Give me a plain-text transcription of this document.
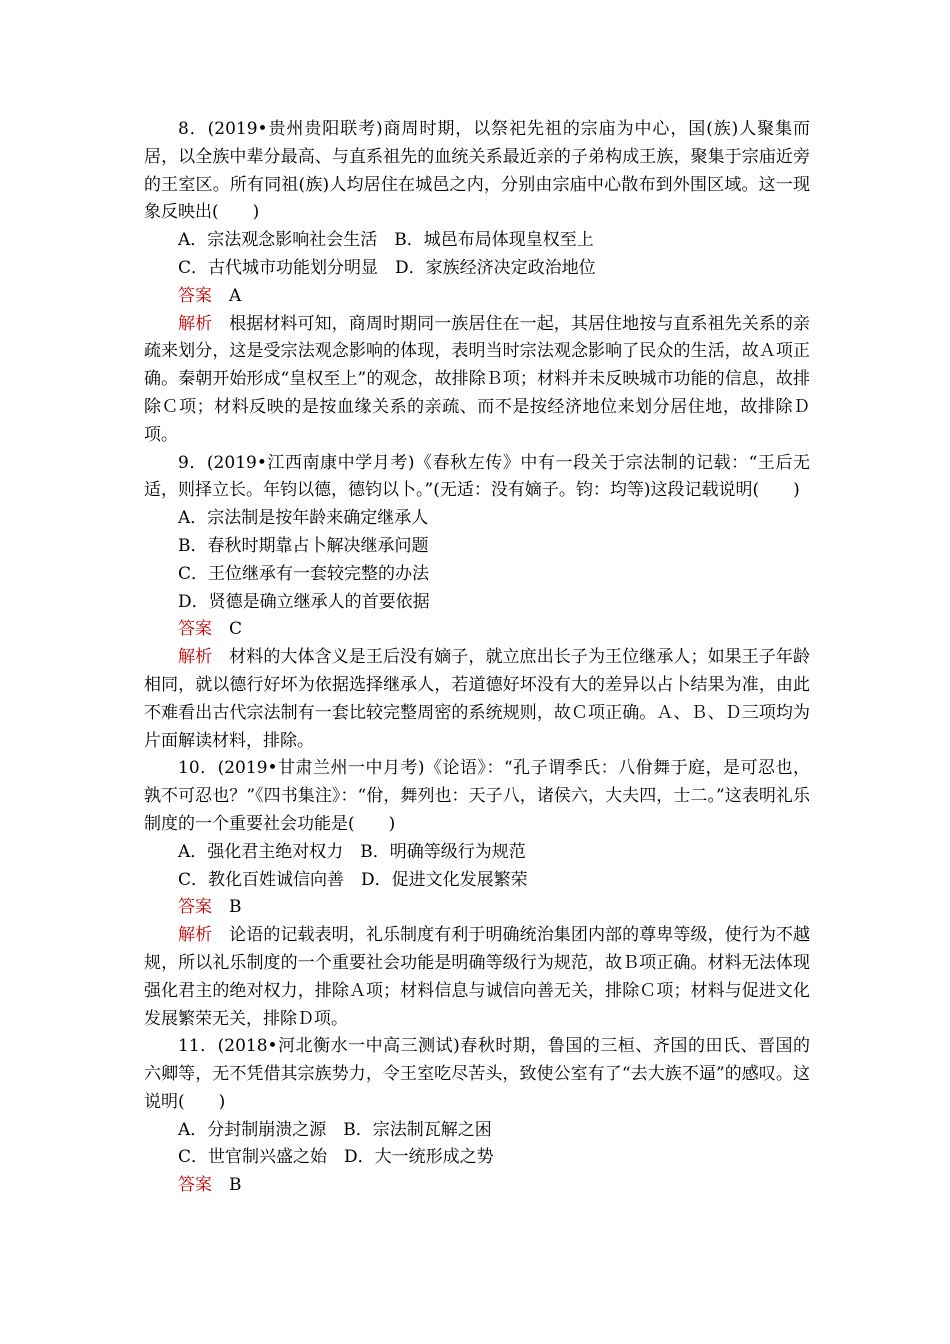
8．(2019•贵州贵阳联考)商周时期，以祭祀先祖的宗庙为中心，国(族)人聚集而居，以全族中辈分最高、与直系祖先的血统关系最近亲的子弟构成王族，聚集于宗庙近旁的王室区。所有同祖(族)人均居住在城邑之内，分别由宗庙中心散布到外围区域。这一现象反映出(　　)

A．宗法观念影响社会生活　B．城邑布局体现皇权至上

C．古代城市功能划分明显　D．家族经济决定政治地位

答案 A

解析 根据材料可知，商周时期同一族居住在一起，其居住地按与直系祖先关系的亲疏来划分，这是受宗法观念影响的体现，表明当时宗法观念影响了民众的生活，故Ａ项正确。秦朝开始形成“皇权至上”的观念，故排除Ｂ项；材料并未反映城市功能的信息，故排除Ｃ项；材料反映的是按血缘关系的亲疏、而不是按经济地位来划分居住地，故排除Ｄ项。

9．(2019•江西南康中学月考)《春秋左传》中有一段关于宗法制的记载：“王后无适，则择立长。年钧以德，德钧以卜。”(无适：没有嫡子。钧：均等)这段记载说明(　　)

A．宗法制是按年龄来确定继承人

B．春秋时期靠占卜解决继承问题

C．王位继承有一套较完整的办法

D．贤德是确立继承人的首要依据

答案 C

解析 材料的大体含义是王后没有嫡子，就立庶出长子为王位继承人；如果王子年龄相同，就以德行好坏为依据选择继承人，若道德好坏没有大的差异以占卜结果为准，由此不难看出古代宗法制有一套比较完整周密的系统规则，故Ｃ项正确。Ａ、Ｂ、Ｄ三项均为片面解读材料，排除。

10．(2019•甘肃兰州一中月考)《论语》：“孔子谓季氏：八佾舞于庭，是可忍也，孰不可忍也？”《四书集注》：“佾，舞列也：天子八，诸侯六，大夫四，士二。”这表明礼乐制度的一个重要社会功能是(　　)

A．强化君主绝对权力　B．明确等级行为规范

C．教化百姓诚信向善　D．促进文化发展繁荣

答案 B

解析 论语的记载表明，礼乐制度有利于明确统治集团内部的尊卑等级，使行为不越规，所以礼乐制度的一个重要社会功能是明确等级行为规范，故Ｂ项正确。材料无法体现强化君主的绝对权力，排除Ａ项；材料信息与诚信向善无关，排除Ｃ项；材料与促进文化发展繁荣无关，排除Ｄ项。

11．(2018•河北衡水一中高三测试)春秋时期，鲁国的三桓、齐国的田氏、晋国的六卿等，无不凭借其宗族势力，令王室吃尽苦头，致使公室有了“去大族不逼”的感叹。这说明(　　)

A．分封制崩溃之源　B．宗法制瓦解之困

C．世官制兴盛之始　D．大一统形成之势

答案 B
